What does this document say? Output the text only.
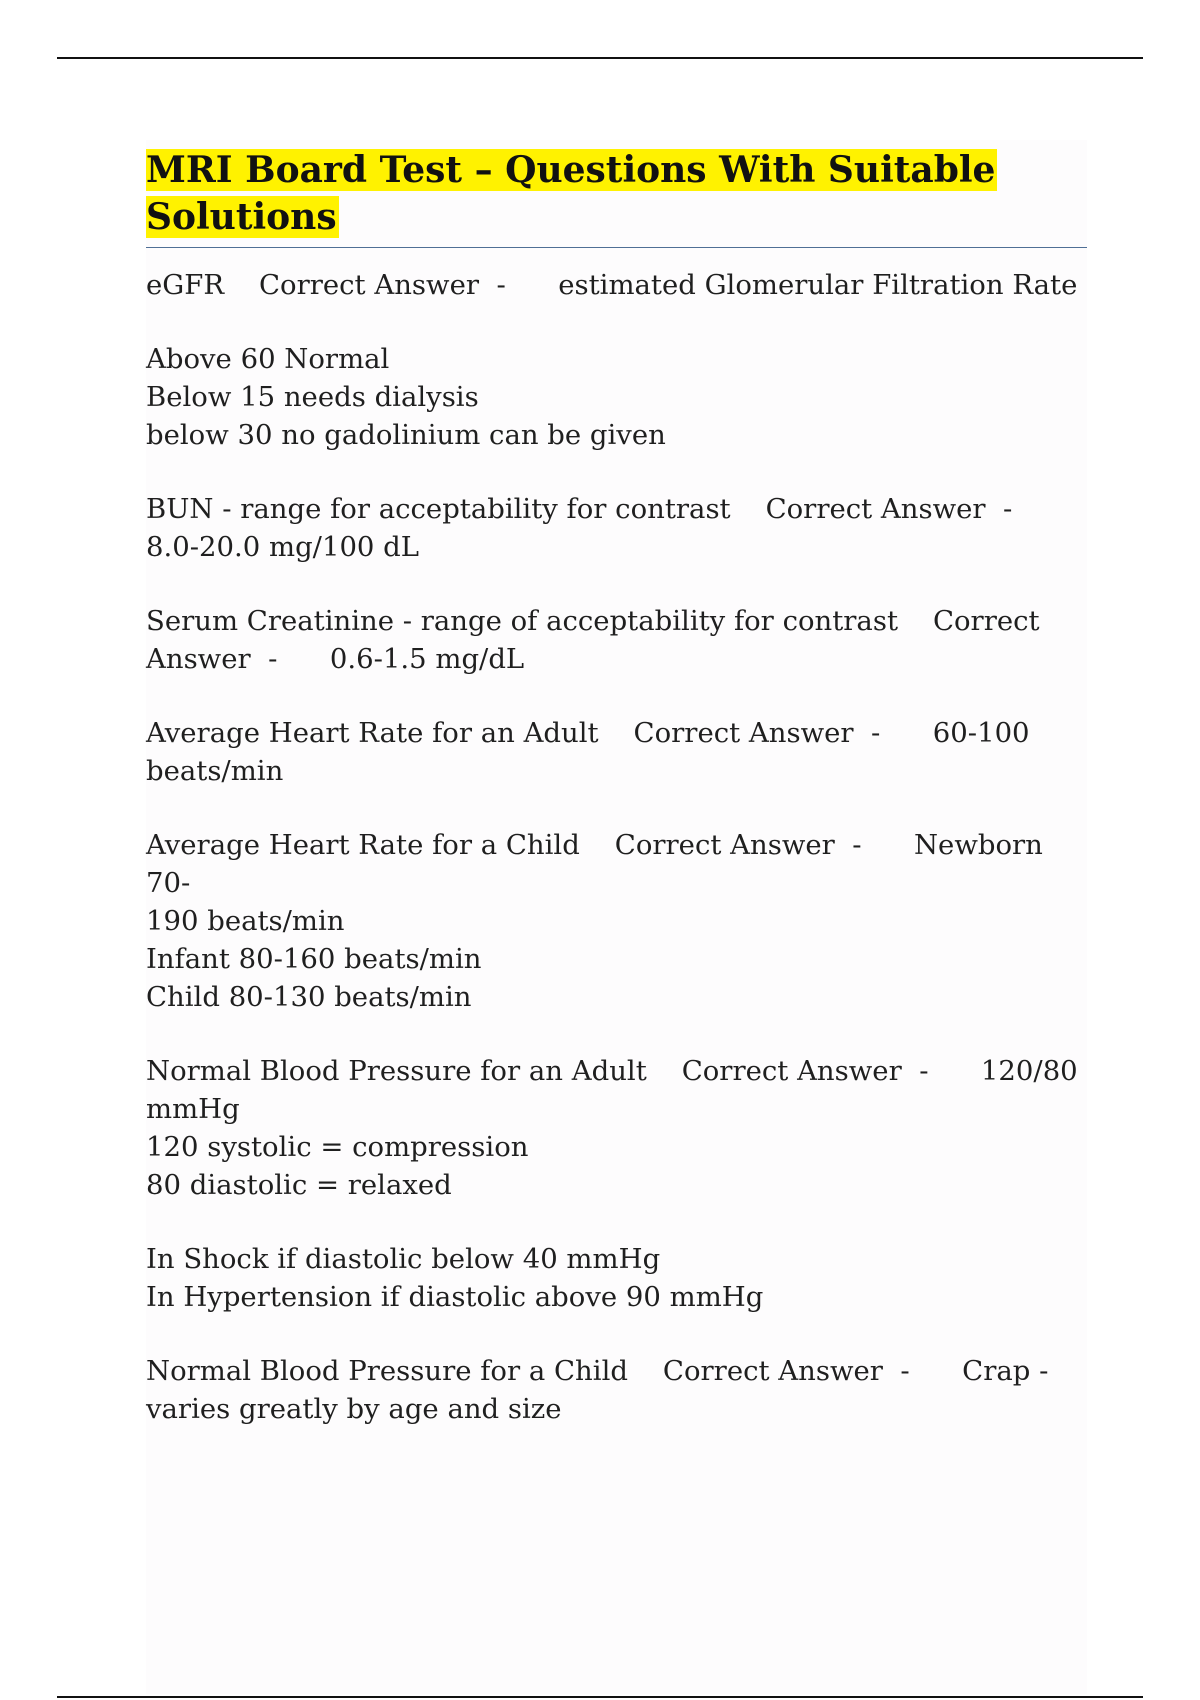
MRI Board Test – Questions With Suitable
Solutions

eGFR    Correct Answer  -      estimated Glomerular Filtration Rate

Above 60 Normal

Below 15 needs dialysis

below 30 no gadolinium can be given

BUN - range for acceptability for contrast    Correct Answer  -

8.0-20.0 mg/100 dL

Serum Creatinine - range of acceptability for contrast    Correct

Answer  -      0.6-1.5 mg/dL

Average Heart Rate for an Adult    Correct Answer  -      60-100

beats/min

Average Heart Rate for a Child    Correct Answer  -      Newborn 70-

190 beats/min

Infant 80-160 beats/min

Child 80-130 beats/min

Normal Blood Pressure for an Adult    Correct Answer  -      120/80

mmHg

120 systolic = compression

80 diastolic = relaxed

In Shock if diastolic below 40 mmHg

In Hypertension if diastolic above 90 mmHg

Normal Blood Pressure for a Child    Correct Answer  -      Crap -

varies greatly by age and size
